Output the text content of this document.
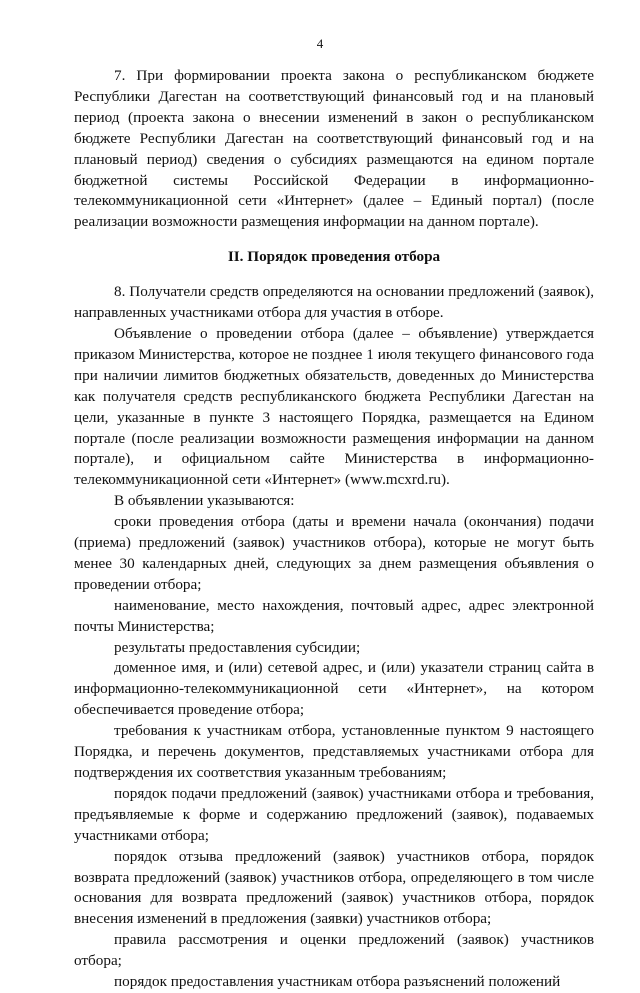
4

7. При формировании проекта закона о республиканском бюджете Республики Дагестан на соответствующий финансовый год и на плановый период (проекта закона о внесении изменений в закон о республиканском бюджете Республики Дагестан на соответствующий финансовый год и на плановый период) сведения о субсидиях размещаются на едином портале бюджетной системы Российской Федерации в информационно-телекоммуникационной сети «Интернет» (далее – Единый портал) (после реализации возможности размещения информации на данном портале).

II. Порядок проведения отбора

8. Получатели средств определяются на основании предложений (заявок), направленных участниками отбора для участия в отборе.

Объявление о проведении отбора (далее – объявление) утверждается приказом Министерства, которое не позднее 1 июля текущего финансового года при наличии лимитов бюджетных обязательств, доведенных до Министерства как получателя средств республиканского бюджета Республики Дагестан на цели, указанные в пункте 3 настоящего Порядка, размещается на Едином портале (после реализации возможности размещения информации на данном портале), и официальном сайте Министерства в информационно-телекоммуникационной сети «Интернет» (www.mcxrd.ru).

В объявлении указываются:

сроки проведения отбора (даты и времени начала (окончания) подачи (приема) предложений (заявок) участников отбора), которые не могут быть менее 30 календарных дней, следующих за днем размещения объявления о проведении отбора;

наименование, место нахождения, почтовый адрес, адрес электронной почты Министерства;

результаты предоставления субсидии;

доменное имя, и (или) сетевой адрес, и (или) указатели страниц сайта в информационно-телекоммуникационной сети «Интернет», на котором обеспечивается проведение отбора;

требования к участникам отбора, установленные пунктом 9 настоящего Порядка, и перечень документов, представляемых участниками отбора для подтверждения их соответствия указанным требованиям;

порядок подачи предложений (заявок) участниками отбора и требования, предъявляемые к форме и содержанию предложений (заявок), подаваемых участниками отбора;

порядок отзыва предложений (заявок) участников отбора, порядок возврата предложений (заявок) участников отбора, определяющего в том числе основания для возврата предложений (заявок) участников отбора, порядок внесения изменений в предложения (заявки) участников отбора;

правила рассмотрения и оценки предложений (заявок) участников отбора;

порядок предоставления участникам отбора разъяснений положений
